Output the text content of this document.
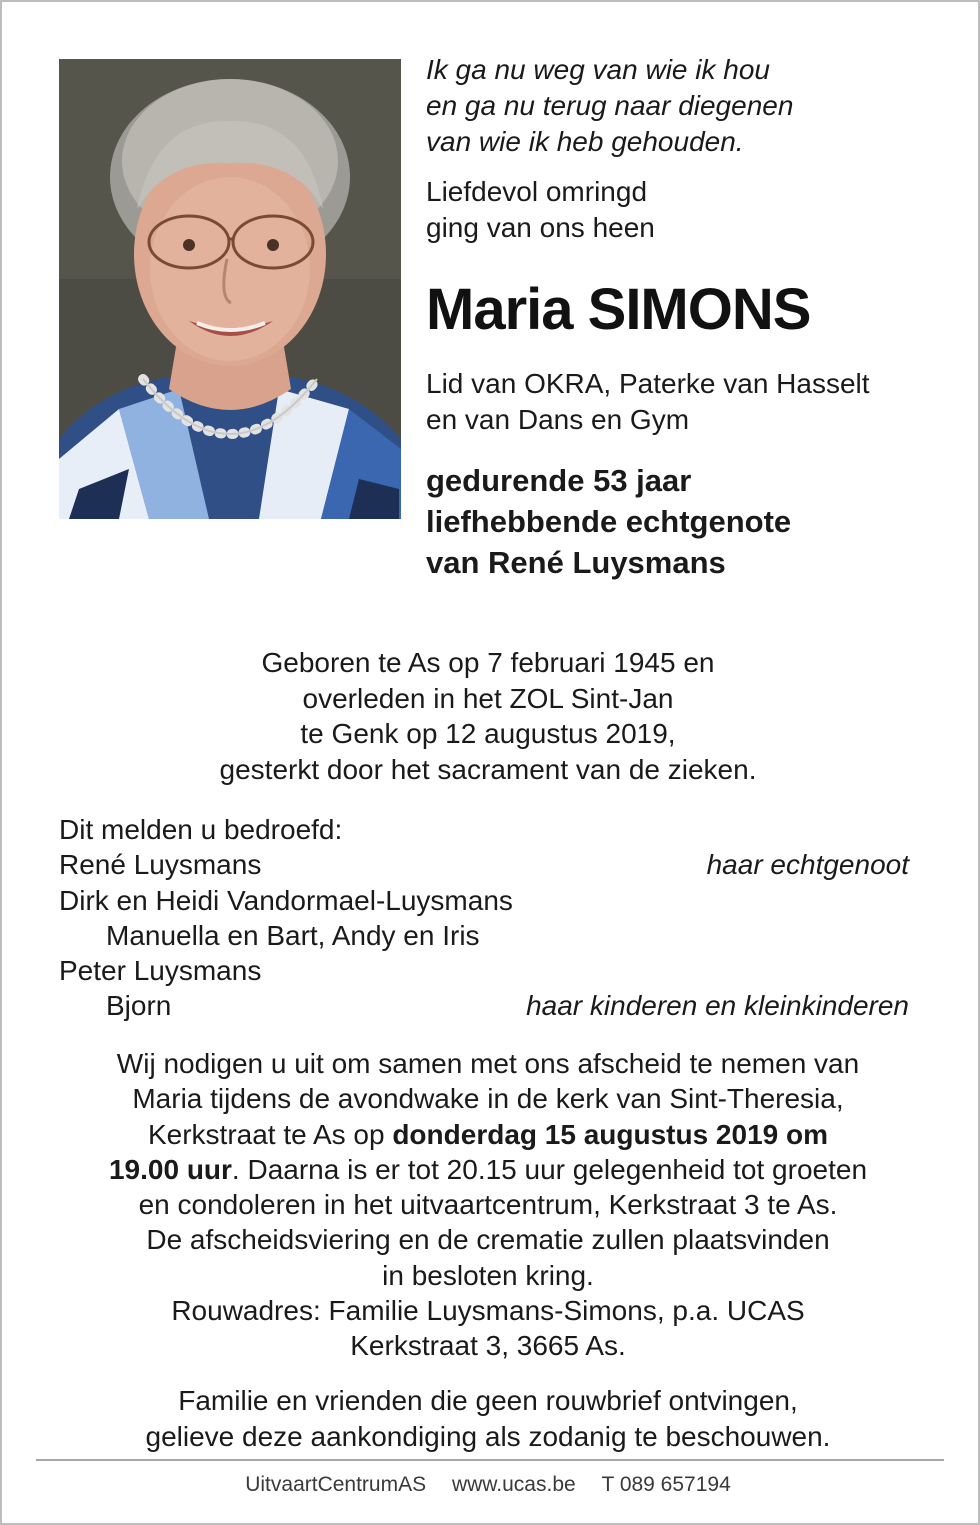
Ik ga nu weg van wie ik hou

en ga nu terug naar diegenen

van wie ik heb gehouden.

Liefdevol omringd

ging van ons heen

Maria SIMONS

Lid van OKRA, Paterke van Hasselt

en van Dans en Gym

gedurende 53 jaar

liefhebbende echtgenote

van René Luysmans

Geboren te As op 7 februari 1945 en

overleden in het ZOL Sint-Jan

te Genk op 12 augustus 2019,

gesterkt door het sacrament van de zieken.

Dit melden u bedroefd:
René Luysmans	haar echtgenoot
Dirk en Heidi Vandormael-Luysmans
Manuella en Bart, Andy en Iris
Peter Luysmans
Bjorn	haar kinderen en kleinkinderen

Wij nodigen u uit om samen met ons afscheid te nemen van

Maria tijdens de avondwake in de kerk van Sint-Theresia,

Kerkstraat te As op donderdag 15 augustus 2019 om

19.00 uur. Daarna is er tot 20.15 uur gelegenheid tot groeten

en condoleren in het uitvaartcentrum, Kerkstraat 3 te As.

De afscheidsviering en de crematie zullen plaatsvinden

in besloten kring.

Rouwadres: Familie Luysmans-Simons, p.a. UCAS

Kerkstraat 3, 3665 As.

Familie en vrienden die geen rouwbrief ontvingen,

gelieve deze aankondiging als zodanig te beschouwen.

UitvaartCentrumAS www.ucas.be T 089 657194
